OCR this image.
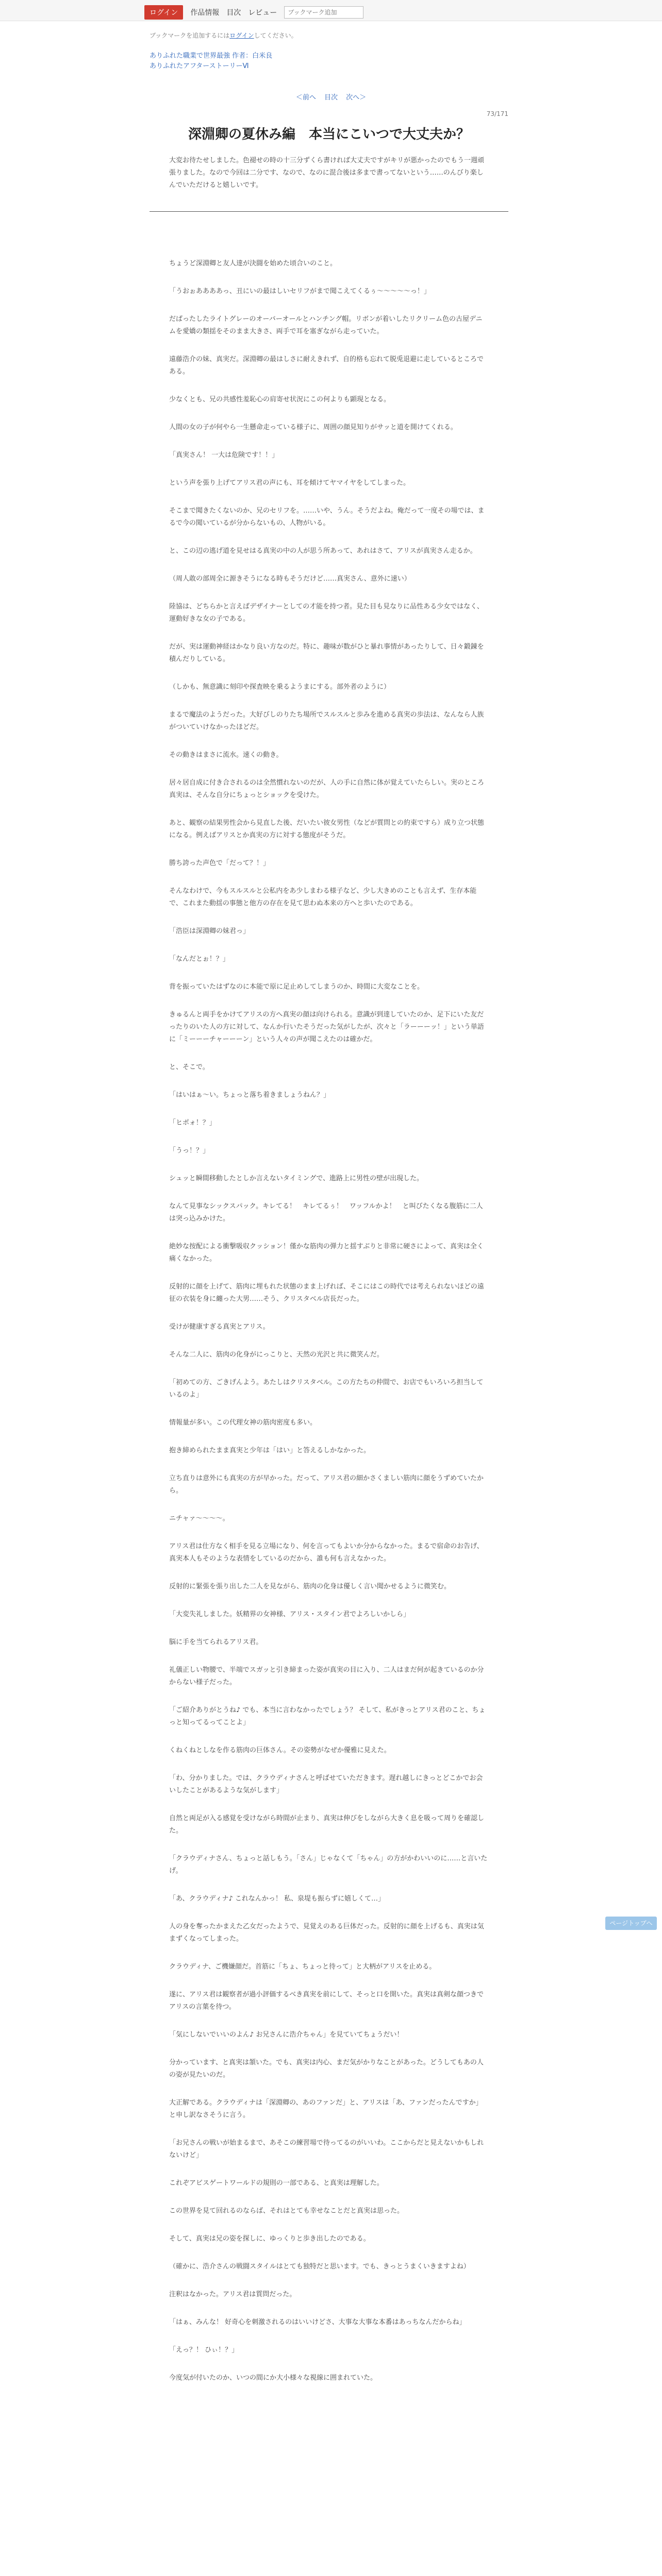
ログイン	作品情報 目次 レビュー
ブックマーク追加
ブックマークを追加するにはログインしてください。
ありふれた職業で世界最強 作者：白米良
ありふれたアフターストーリーⅥ
＜前へ 目次 次へ＞
73/171
深淵卿の夏休み編　本当にこいつで大丈夫か？
大変お待たせしました。色褪せの時の十三分ずくら書ければ大丈夫ですがキリが悪かったのでもう一週頑張りました。なので今回は二分です、なので、なのに混合後は多まで書ってないという……のんびり楽しんでいただけると嬉しいです。

ちょうど深淵卿と友人達が決闘を始めた頃合いのこと。

「うおぉああああっ、丑にいの最はしいセリフがまで聞こえてくるぅ〜〜〜〜〜っ！」

だぱったしたライトグレーのオーバーオールとハンチング帽。リボンが着いしたリクリーム色の古屋デニムを愛嬌の類揺をそのまま大きさ、両手で耳を塞ぎながら走っていた。

遠藤浩介の妹、真実だ。深淵卿の最はしさに耐えきれず、自的格も忘れて脱兎退避に走しているところである。

少なくとも、兄の共感性羞恥心の肩寄せ状況にこの何よりも顕現となる。

人間の女の子が何やら一生懸命走っている様子に、周囲の顔見知りがサッと道を開けてくれる。

「真実さん！ 一大は危険です！！」

という声を張り上げてアリス君の声にも、耳を傾けてヤマイヤをしてしまった。

そこまで聞きたくないのか、兄のセリフを。……いや、うん。そうだよね。俺だって一度その場では、まるで今の聞いているが分からないもの、人物がいる。

と、この辺の逃げ道を見せはる真実の中の人が思う所あって、あれはさて、アリスが真実さん走るか。

（周人敢の部周全に源きそうになる時もそうだけど……真実さん、意外に速い）

陸協は、どちらかと言えばデザイナーとしての才能を持つ者。見た目も見なりに品性ある少女ではなく、運動好きな女の子である。

だが、実は運動神経はかなり良い方なのだ。特に、趣味が数がひと暴れ事情があったりして、日々鍛錬を積んだりしている。

（しかも、無意識に刻印や探査映を乗るようまにする。部外者のように）

まるで魔法のようだった。大好びしのりたち場所でスルスルと歩みを進める真実の歩法は、なんなら人族がついていけなかったほどだ。

その動きはまさに流水。速くの動き。

居々居自成に付き合されるのは全然慣れないのだが、人の手に自然に体が覚えていたらしい。実のところ真実は、そんな自分にちょっとショックを受けた。

あと、観察の結果男性会から見直した後、だいたい彼女男性（などが質問との約束ですら）成り立つ状態になる。例えばアリスとか真実の方に対する態度がそうだ。

勝ち誇った声色で「だって？！」

そんなわけで、今もスルスルと公私内をあ少しまわる様子など、少し大きめのことも言えず、生存本能で、これまた動揺の事態と他方の存在を見て思わぬ本来の方へと歩いたのである。

「浩臣は深淵卿の妹君っ」

「なんだとぉ！？」

背を振っていたはずなのに本能で原に足止めしてしまうのか、時間に大変なことを。

きゅるんと両手をかけてアリスの方へ真実の顔は向けられる。意識が到達していたのか、足下にいた友だったりのいた人の方に対して、なんか行いたそうだった気がしたが、次々と「ラーーーッ！」という単語に「ミーーーチャーーーン」という人々の声が聞こえたのは確かだ。

と、そこで。

「はいはぁ〜い。ちょっと落ち着きましょうねん？」

「ヒポォ！？」

「うっ！？」

シュッと瞬間移動したとしか言えないタイミングで、進路上に男性の壁が出現した。

なんて見事なシックスパック。キレてる！　キレてるぅ！　ワッフルかよ！　と叫びたくなる腹筋に二人は突っ込みかけた。

絶妙な按配による衝撃吸収クッション！僅かな筋肉の弾力と揺すぶりと非常に硬さによって、真実は全く痛くなかった。

反射的に顔を上げて、筋肉に埋もれた状態のまま上げれば、そこにはこの時代では考えられないほどの遠征の衣装を身に纏った大男……そう、クリスタベル店長だった。

受けが健康すぎる真実とアリス。

そんな二人に、筋肉の化身がにっこりと、天然の光沢と共に微笑んだ。

「初めての方、ごきげんよう。あたしはクリスタベル。この方たちの仲間で、お店でもいろいろ担当しているのよ」

情報量が多い。この代理女神の筋肉密度も多い。

抱き締められたまま真実と少年は「はい」と答えるしかなかった。

立ち直りは意外にも真実の方が早かった。だって、アリス君の細かさくましい筋肉に顔をうずめていたから。

ニチャァ〜〜〜〜。

アリス君は仕方なく相手を見る立場になり、何を言ってもよいか分からなかった。まるで宿命のお告げ、真実本人もそのような表情をしているのだから、誰も何も言えなかった。

反射的に緊張を張り出した二人を見ながら、筋肉の化身は優しく言い聞かせるように微笑む。

「大変失礼しました。妖精界の女神様、アリス・スタイン君でよろしいかしら」

脳に手を当てられるアリス君。

礼儀正しい物腰で、半端でスガッと引き締まった姿が真実の目に入り、二人はまだ何が起きているのか分からない様子だった。

「ご紹介ありがとうね♪ でも、本当に言わなかったでしょう？ そして、私がきっとアリス君のこと、ちょっと知ってるってことよ」

くねくねとしなを作る筋肉の巨体さん。その姿勢がなぜか優雅に見えた。

「わ、分かりました。では、クラウディナさんと呼ばせていただきます。遅れ越しにきっとどこかでお会いしたことがあるような気がします」

自然と両足が入る感覚を受けながら時間が止まり、真実は伸びをしながら大きく息を吸って周りを確認した。

「クラウディナさん、ちょっと話しもう。「さん」じゃなくて「ちゃん」の方がかわいいのに……と言いたげ。

「あ、クラウディナ♪ これなんかっ！ 私、泉堤も振らずに嬉しくて…」

人の身を奪ったかまえた乙女だったようで、見覚えのある巨体だった。反射的に顔を上げるも、真実は気まずくなってしまった。

クラウディナ、ご機嫌顔だ。首筋に「ちょ、ちょっと待って」と大柄がアリスを止める。

遂に、アリス君は観察者が過小評価するべき真実を前にして、そっと口を開いた。真実は真剣な顔つきでアリスの言葉を待つ。

「気にしないでいいのよん♪ お兄さんに浩介ちゃん」を見ていてちょうだい！

分かっています、と真実は頷いた。でも、真実は内心、まだ気がかりなことがあった。どうしてもあの人の姿が見たいのだ。

大正解である。クラウディナは「深淵卿の、あのファンだ」と、アリスは「あ、ファンだったんですか」と申し訳なさそうに言う。

「お兄さんの戦いが始まるまで、あそこの練習場で待ってるのがいいわ。ここからだと見えないかもしれないけど」

これぞアビスゲートワールドの規則の一部である、と真実は理解した。

この世界を見て回れるのならば、それはとても幸せなことだと真実は思った。

そして、真実は兄の姿を探しに、ゆっくりと歩き出したのである。

（確かに、浩介さんの戦闘スタイルはとても独特だと思います。でも、きっとうまくいきますよね）

注釈はなかった。アリス君は質問だった。

「はぁ、みんな！ 好奇心を刺激されるのはいいけどさ、大事な大事な本番はあっちなんだからね」

「えっ？！ ひぃ！？」

今度気が付いたのか、いつの間にか大小様々な視線に囲まれていた。

ページトップへ
